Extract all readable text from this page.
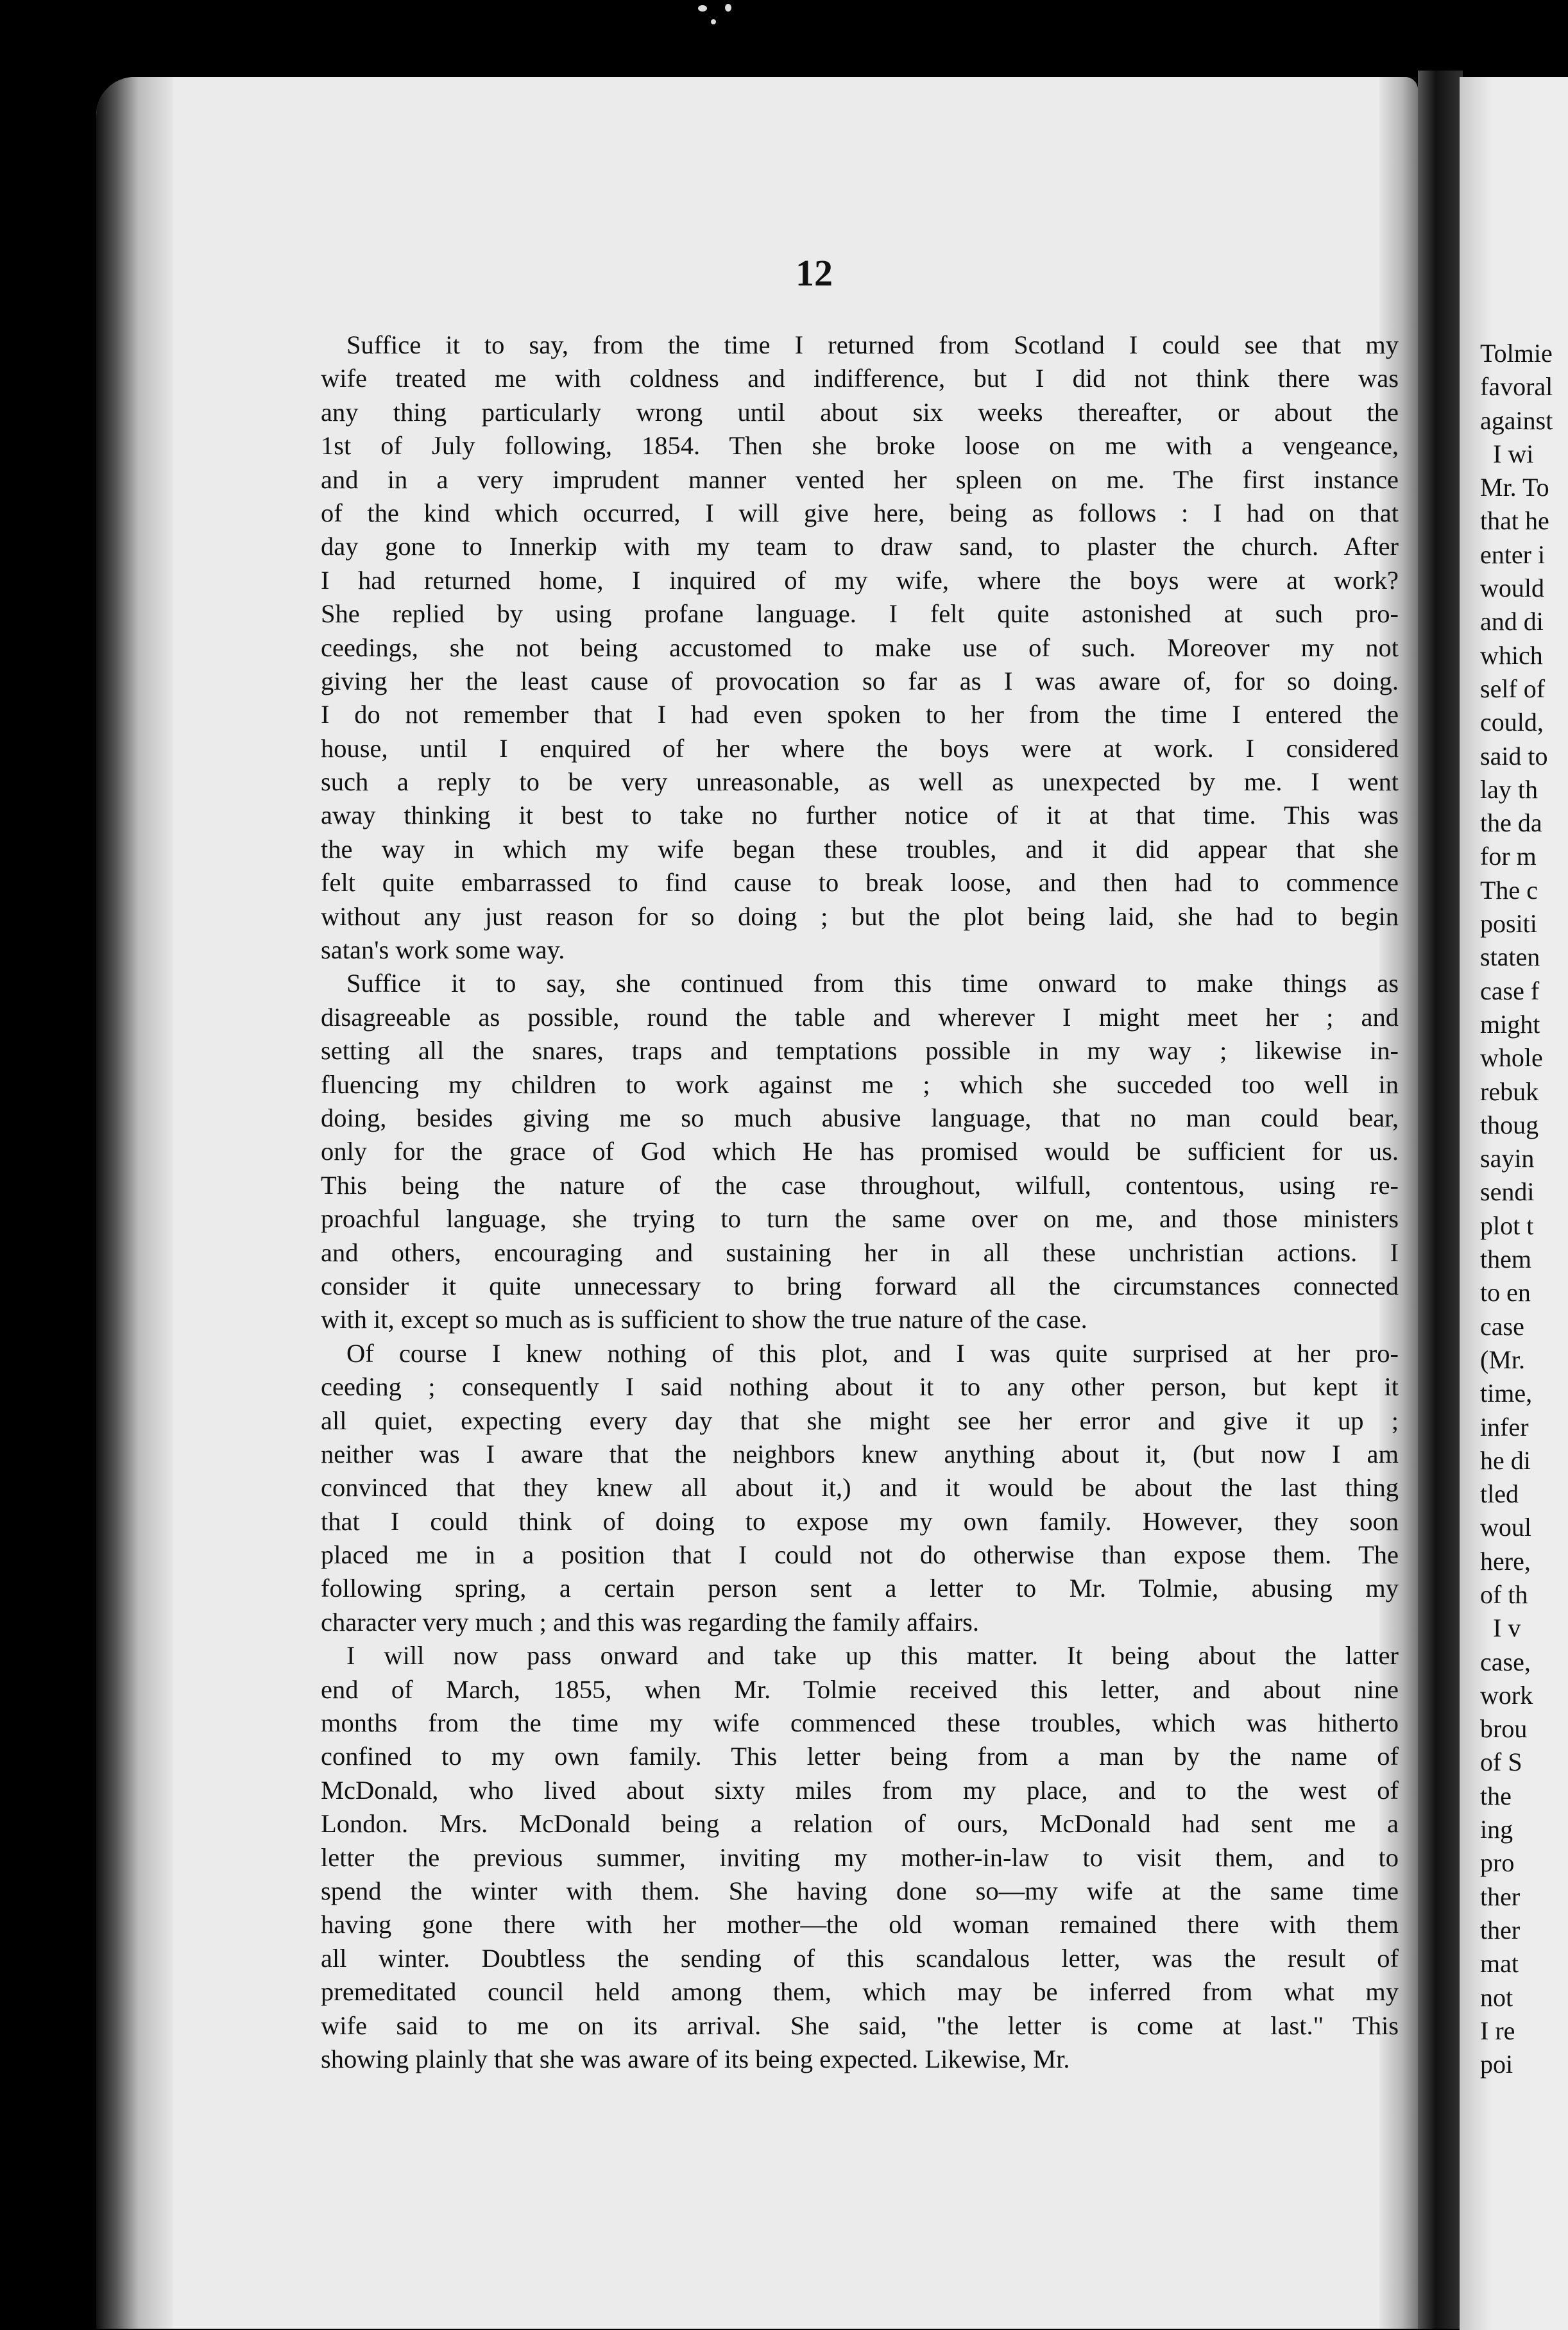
12
Suffice it to say, from the time I returned from Scotland I could see that my
wife treated me with coldness and indifference, but I did not think there was
any thing particularly wrong until about six weeks thereafter, or about the
1st of July following, 1854. Then she broke loose on me with a vengeance,
and in a very imprudent manner vented her spleen on me. The first instance
of the kind which occurred, I will give here, being as follows : I had on that
day gone to Innerkip with my team to draw sand, to plaster the church. After
I had returned home, I inquired of my wife, where the boys were at work?
She replied by using profane language. I felt quite astonished at such pro-
ceedings, she not being accustomed to make use of such. Moreover my not
giving her the least cause of provocation so far as I was aware of, for so doing.
I do not remember that I had even spoken to her from the time I entered the
house, until I enquired of her where the boys were at work. I considered
such a reply to be very unreasonable, as well as unexpected by me. I went
away thinking it best to take no further notice of it at that time. This was
the way in which my wife began these troubles, and it did appear that she
felt quite embarrassed to find cause to break loose, and then had to commence
without any just reason for so doing ; but the plot being laid, she had to begin
satan's work some way.
Suffice it to say, she continued from this time onward to make things as
disagreeable as possible, round the table and wherever I might meet her ; and
setting all the snares, traps and temptations possible in my way ; likewise in-
fluencing my children to work against me ; which she succeded too well in
doing, besides giving me so much abusive language, that no man could bear,
only for the grace of God which He has promised would be sufficient for us.
This being the nature of the case throughout, wilfull, contentous, using re-
proachful language, she trying to turn the same over on me, and those ministers
and others, encouraging and sustaining her in all these unchristian actions. I
consider it quite unnecessary to bring forward all the circumstances connected
with it, except so much as is sufficient to show the true nature of the case.
Of course I knew nothing of this plot, and I was quite surprised at her pro-
ceeding ; consequently I said nothing about it to any other person, but kept it
all quiet, expecting every day that she might see her error and give it up ;
neither was I aware that the neighbors knew anything about it, (but now I am
convinced that they knew all about it,) and it would be about the last thing
that I could think of doing to expose my own family. However, they soon
placed me in a position that I could not do otherwise than expose them. The
following spring, a certain person sent a letter to Mr. Tolmie, abusing my
character very much ; and this was regarding the family affairs.
I will now pass onward and take up this matter. It being about the latter
end of March, 1855, when Mr. Tolmie received this letter, and about nine
months from the time my wife commenced these troubles, which was hitherto
confined to my own family. This letter being from a man by the name of
McDonald, who lived about sixty miles from my place, and to the west of
London. Mrs. McDonald being a relation of ours, McDonald had sent me a
letter the previous summer, inviting my mother-in-law to visit them, and to
spend the winter with them. She having done so—my wife at the same time
having gone there with her mother—the old woman remained there with them
all winter. Doubtless the sending of this scandalous letter, was the result of
premeditated council held among them, which may be inferred from what my
wife said to me on its arrival. She said, "the letter is come at last." This
showing plainly that she was aware of its being expected. Likewise, Mr.
Tolmie
favoral
against
I wi
Mr. To
that he
enter i
would
and di
which
self of
could,
said to
lay th
the da
for m
The c
positi
staten
case f
might
whole
rebuk
thoug
sayin
sendi
plot t
them
to en
case
(Mr.
time,
infer
he di
tled
woul
here,
of th
I v
case,
work
brou
of S
the
ing
pro
ther
ther
mat
not
I re
poi
